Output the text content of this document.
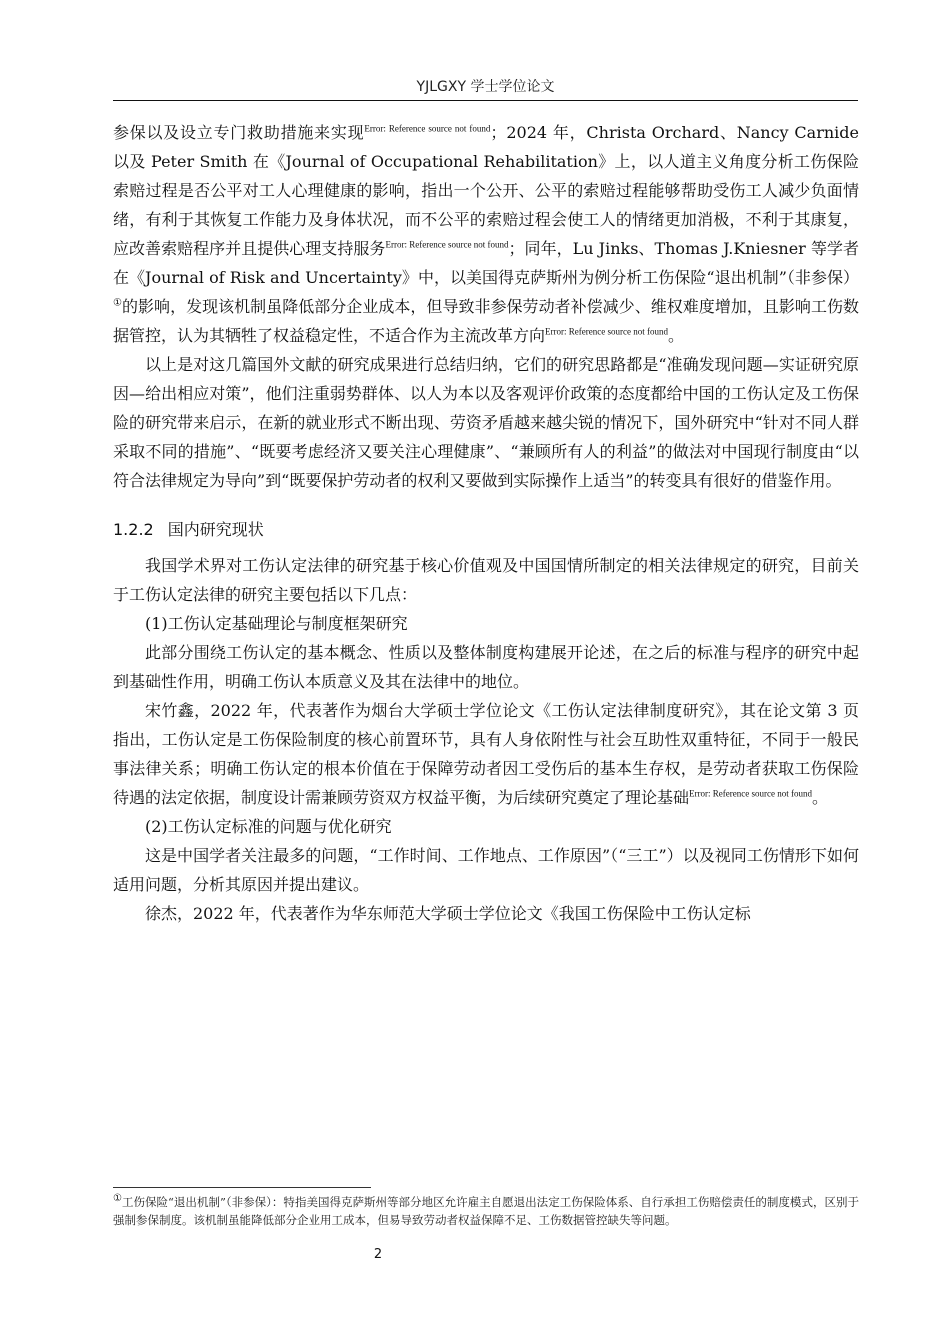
YJLGXY 学士学位论文

参保以及设立专门救助措施来实现$^{Error: Reference source not found}$；2024 年，Christa Orchard、Nancy Carnide 以及 Peter Smith 在《Journal of Occupational Rehabilitation》上，以人道主义角度分析工伤保险索赔过程是否公平对工人心理健康的影响，指出一个公开、公平的索赔过程能够帮助受伤工人减少负面情绪，有利于其恢复工作能力及身体状况，而不公平的索赔过程会使工人的情绪更加消极，不利于其康复，应改善索赔程序并且提供心理支持服务$^{Error: Reference source not found}$；同年，Lu Jinks、Thomas J.Kniesner 等学者在《Journal of Risk and Uncertainty》中，以美国得克萨斯州为例分析工伤保险“退出机制”（非参保）①的影响，发现该机制虽降低部分企业成本，但导致非参保劳动者补偿减少、维权难度增加，且影响工伤数据管控，认为其牺牲了权益稳定性，不适合作为主流改革方向$^{Error: Reference source not found}$。

以上是对这几篇国外文献的研究成果进行总结归纳，它们的研究思路都是“准确发现问题—实证研究原因—给出相应对策”，他们注重弱势群体、以人为本以及客观评价政策的态度都给中国的工伤认定及工伤保险的研究带来启示，在新的就业形式不断出现、劳资矛盾越来越尖锐的情况下，国外研究中“针对不同人群采取不同的措施”、“既要考虑经济又要关注心理健康”、“兼顾所有人的利益”的做法对中国现行制度由“以符合法律规定为导向”到“既要保护劳动者的权利又要做到实际操作上适当”的转变具有很好的借鉴作用。

1.2.2 国内研究现状

我国学术界对工伤认定法律的研究基于核心价值观及中国国情所制定的相关法律规定的研究，目前关于工伤认定法律的研究主要包括以下几点：

(1)工伤认定基础理论与制度框架研究

此部分围绕工伤认定的基本概念、性质以及整体制度构建展开论述，在之后的标准与程序的研究中起到基础性作用，明确工伤认本质意义及其在法律中的地位。

宋竹鑫，2022 年，代表著作为烟台大学硕士学位论文《工伤认定法律制度研究》，其在论文第 3 页指出，工伤认定是工伤保险制度的核心前置环节，具有人身依附性与社会互助性双重特征，不同于一般民事法律关系；明确工伤认定的根本价值在于保障劳动者因工受伤后的基本生存权，是劳动者获取工伤保险待遇的法定依据，制度设计需兼顾劳资双方权益平衡，为后续研究奠定了理论基础$^{Error: Reference source not found}$。

(2)工伤认定标准的问题与优化研究

这是中国学者关注最多的问题，“工作时间、工作地点、工作原因”（“三工”）以及视同工伤情形下如何适用问题，分析其原因并提出建议。

徐杰，2022 年，代表著作为华东师范大学硕士学位论文《我国工伤保险中工伤认定标

①工伤保险“退出机制”（非参保）：特指美国得克萨斯州等部分地区允许雇主自愿退出法定工伤保险体系、自行承担工伤赔偿责任的制度模式，区别于强制参保制度。该机制虽能降低部分企业用工成本，但易导致劳动者权益保障不足、工伤数据管控缺失等问题。
2
